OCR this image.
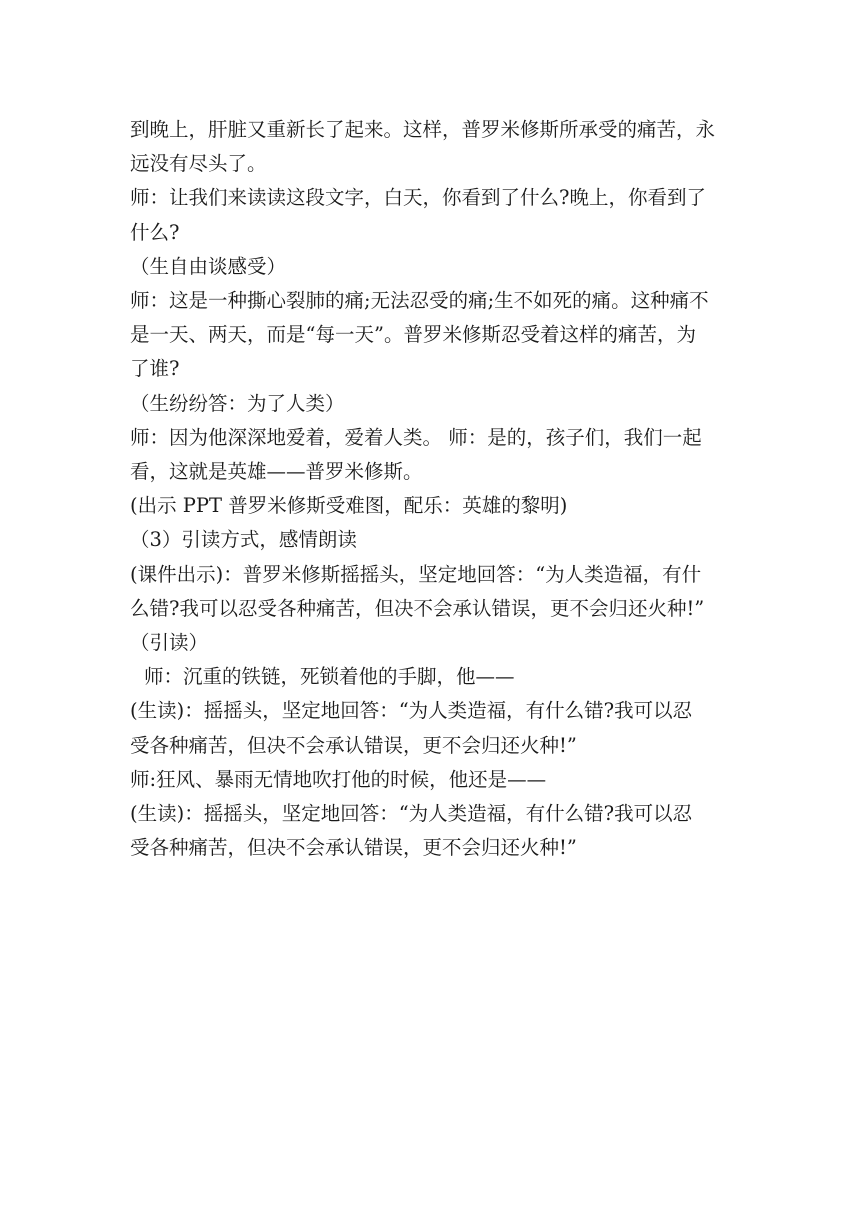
到晚上，肝脏又重新长了起来。这样，普罗米修斯所承受的痛苦，永
远没有尽头了。
师：让我们来读读这段文字，白天，你看到了什么?晚上，你看到了
什么?
（生自由谈感受）
师：这是一种撕心裂肺的痛;无法忍受的痛;生不如死的痛。这种痛不
是一天、两天，而是“每一天”。普罗米修斯忍受着这样的痛苦，为
了谁?
（生纷纷答：为了人类）
师：因为他深深地爱着，爱着人类。 师：是的，孩子们，我们一起
看，这就是英雄——普罗米修斯。
(出示 PPT 普罗米修斯受难图，配乐：英雄的黎明)
（3）引读方式，感情朗读
(课件出示)：普罗米修斯摇摇头，坚定地回答：“为人类造福，有什
么错?我可以忍受各种痛苦，但决不会承认错误，更不会归还火种!”
（引读）
师：沉重的铁链，死锁着他的手脚，他——
(生读)：摇摇头，坚定地回答：“为人类造福，有什么错?我可以忍
受各种痛苦，但决不会承认错误，更不会归还火种!”
师:狂风、暴雨无情地吹打他的时候，他还是——
(生读)：摇摇头，坚定地回答：“为人类造福，有什么错?我可以忍
受各种痛苦，但决不会承认错误，更不会归还火种!”
